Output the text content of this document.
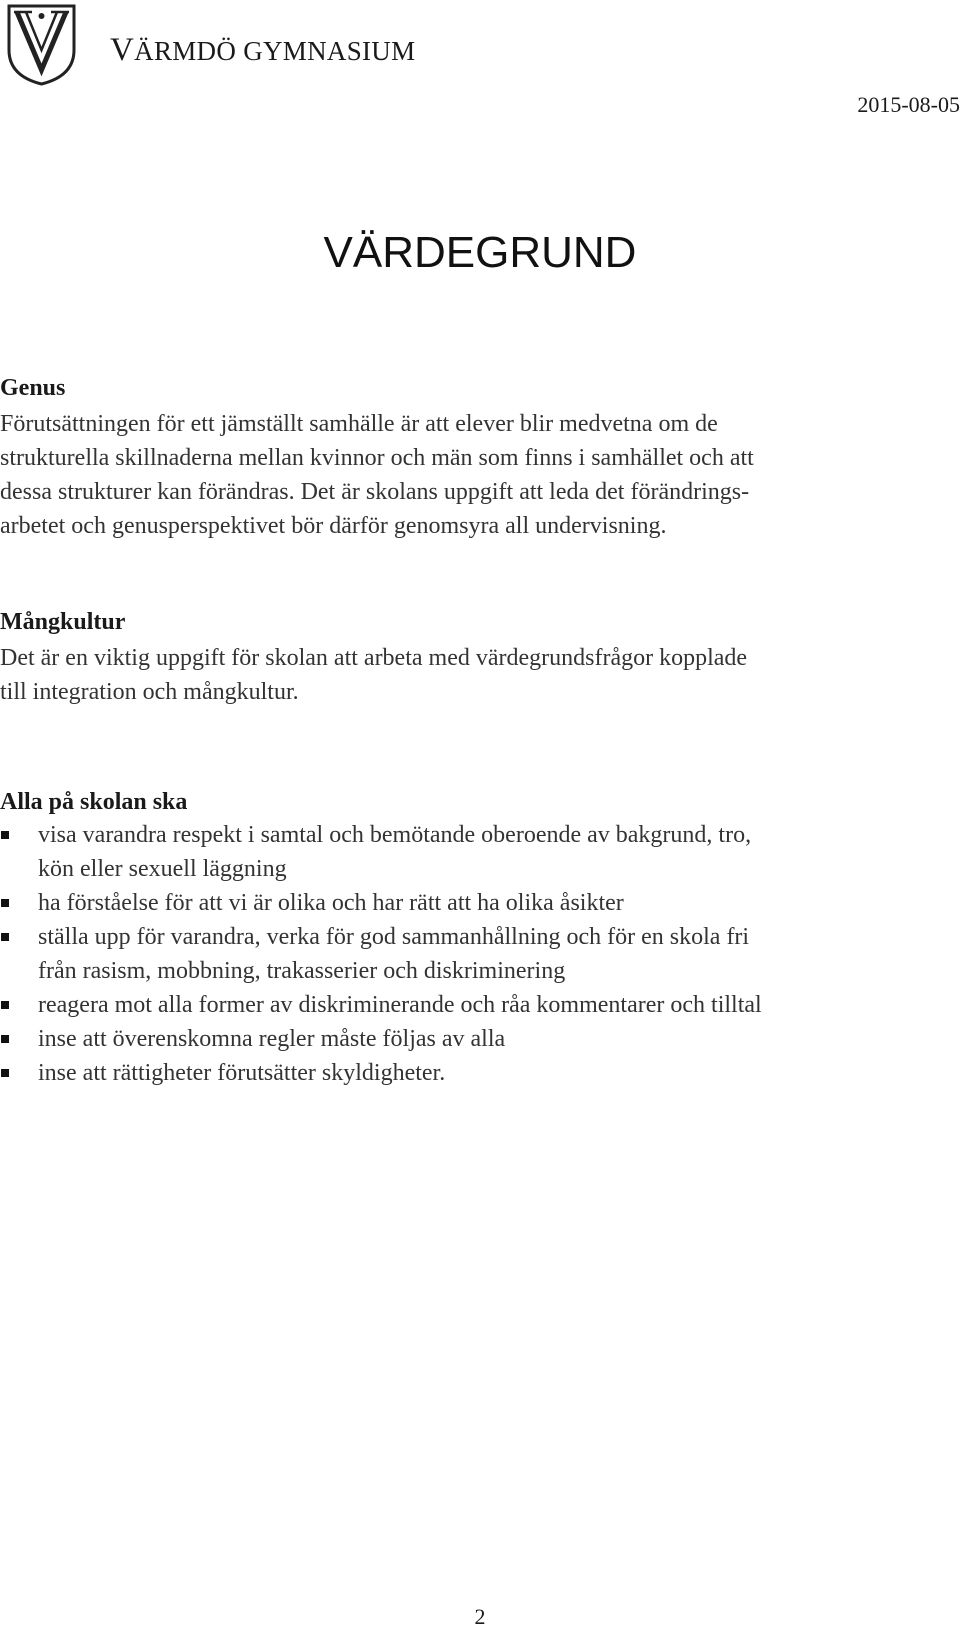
VÄRMDÖ GYMNASIUM
2015-08-05
VÄRDEGRUND

Genus

Förutsättningen för ett jämställt samhälle är att elever blir medvetna om de
strukturella skillnaderna mellan kvinnor och män som finns i samhället och att
dessa strukturer kan förändras. Det är skolans uppgift att leda det förändrings-
arbetet och genusperspektivet bör därför genomsyra all undervisning.

Mångkultur

Det är en viktig uppgift för skolan att arbeta med värdegrundsfrågor kopplade
till integration och mångkultur.

Alla på skolan ska

visa varandra respekt i samtal och bemötande oberoende av bakgrund, tro,
kön eller sexuell läggning
ha förståelse för att vi är olika och har rätt att ha olika åsikter
ställa upp för varandra, verka för god sammanhållning och för en skola fri
från rasism, mobbning, trakasserier och diskriminering
reagera mot alla former av diskriminerande och råa kommentarer och tilltal
inse att överenskomna regler måste följas av alla
inse att rättigheter förutsätter skyldigheter.
2
